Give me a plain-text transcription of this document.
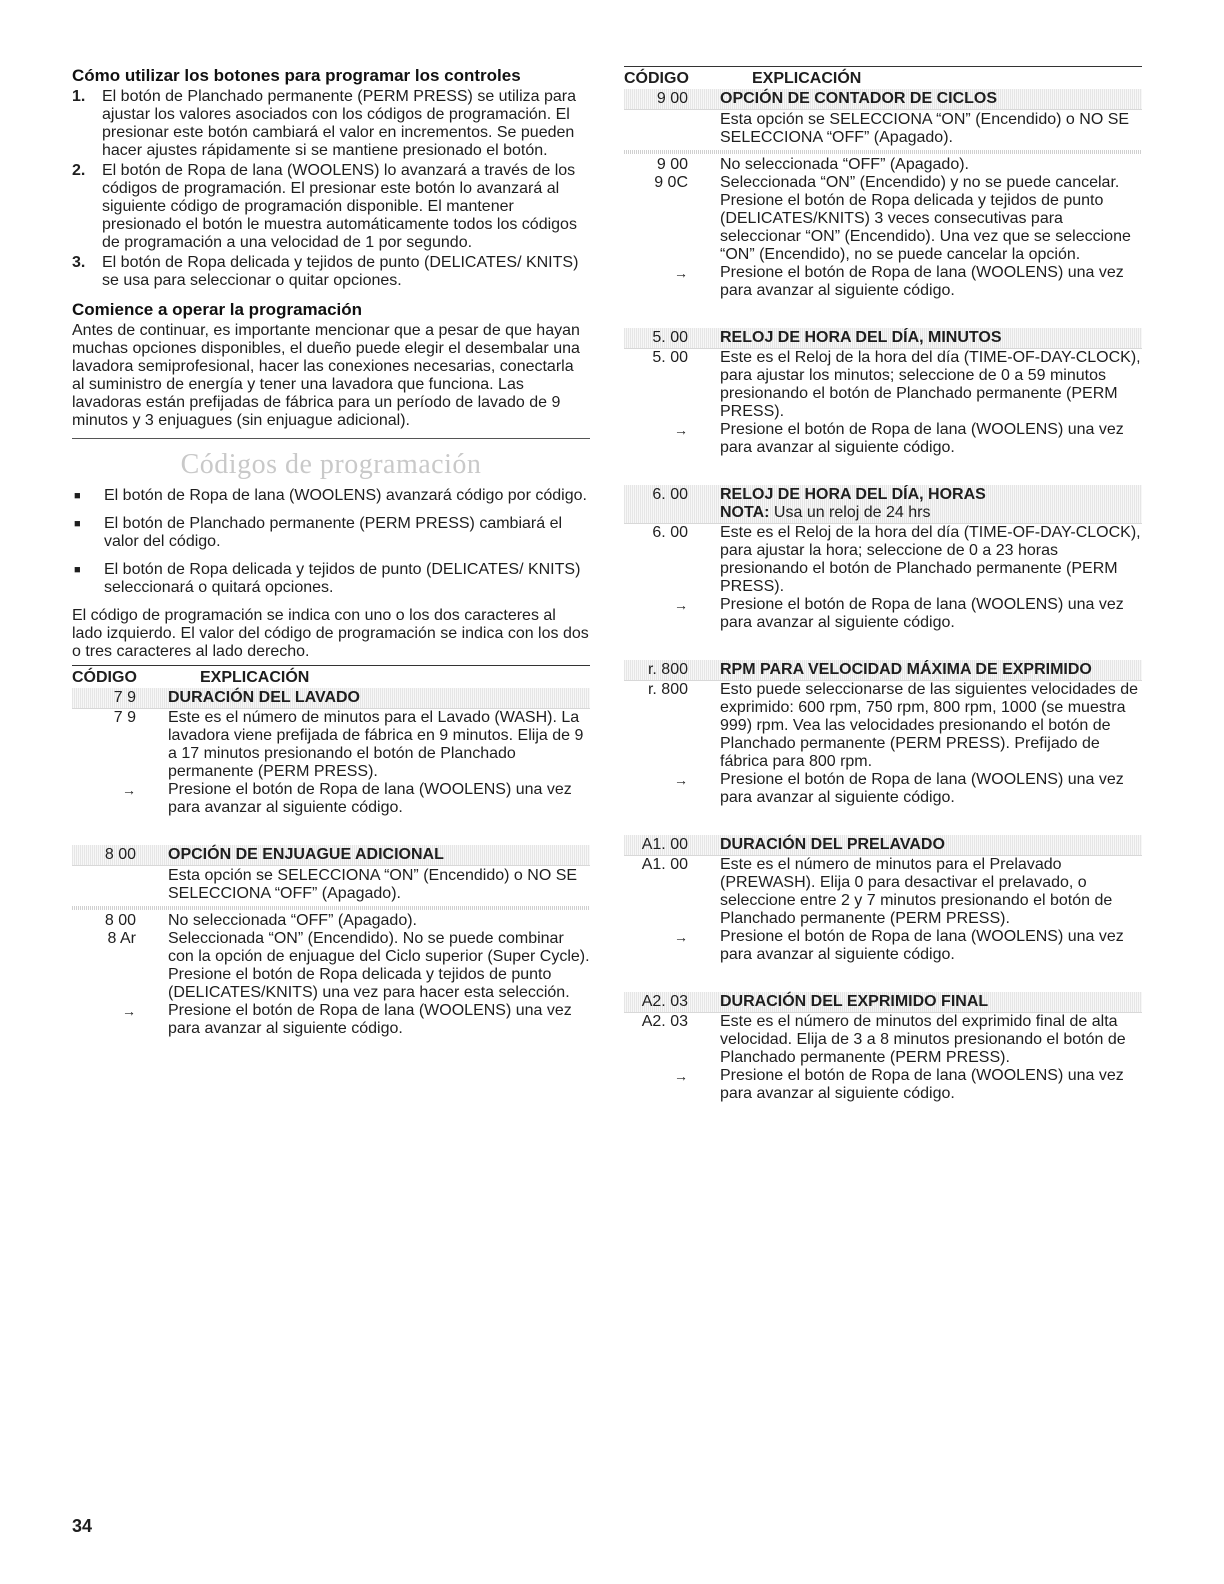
Cómo utilizar los botones para programar los controles
1.	El botón de Planchado permanente (PERM PRESS) se utiliza para ajustar los valores asociados con los códigos de programación. El presionar este botón cambiará el valor en incrementos. Se pueden hacer ajustes rápidamente si se mantiene presionado el botón.
2.	El botón de Ropa de lana (WOOLENS) lo avanzará a través de los códigos de programación. El presionar este botón lo avanzará al siguiente código de programación disponible. El mantener presionado el botón le muestra automáticamente todos los códigos de programación a una velocidad de 1 por segundo.
3.	El botón de Ropa delicada y tejidos de punto (DELICATES/ KNITS) se usa para seleccionar o quitar opciones.
Comience a operar la programación

Antes de continuar, es importante mencionar que a pesar de que hayan muchas opciones disponibles, el dueño puede elegir el desembalar una lavadora semiprofesional, hacer las conexiones necesarias, conectarla al suministro de energía y tener una lavadora que funciona. Las lavadoras están prefijadas de fábrica para un período de lavado de 9 minutos y 3 enjuagues (sin enjuague adicional).

Códigos de programación
■	El botón de Ropa de lana (WOOLENS) avanzará código por código.
■	El botón de Planchado permanente (PERM PRESS) cambiará el valor del código.
■	El botón de Ropa delicada y tejidos de punto (DELICATES/ KNITS) seleccionará o quitará opciones.

El código de programación se indica con uno o los dos caracteres al lado izquierdo. El valor del código de programación se indica con los dos o tres caracteres al lado derecho.

CÓDIGO	EXPLICACIÓN
7 9	DURACIÓN DEL LAVADO
7 9	Este es el número de minutos para el Lavado (WASH). La lavadora viene prefijada de fábrica en 9 minutos. Elija de 9 a 17 minutos presionando el botón de Planchado permanente (PERM PRESS).
→	Presione el botón de Ropa de lana (WOOLENS) una vez para avanzar al siguiente código.
8 00	OPCIÓN DE ENJUAGUE ADICIONAL
Esta opción se SELECCIONA “ON” (Encendido) o NO SE SELECCIONA “OFF” (Apagado).
8 00	No seleccionada “OFF” (Apagado).
8 Ar	Seleccionada “ON” (Encendido). No se puede combinar con la opción de enjuague del Ciclo superior (Super Cycle).
Presione el botón de Ropa delicada y tejidos de punto (DELICATES/KNITS) una vez para hacer esta selección.
→	Presione el botón de Ropa de lana (WOOLENS) una vez para avanzar al siguiente código.
CÓDIGO	EXPLICACIÓN
9 00	OPCIÓN DE CONTADOR DE CICLOS
Esta opción se SELECCIONA “ON” (Encendido) o NO SE SELECCIONA “OFF” (Apagado).
9 00	No seleccionada “OFF” (Apagado).
9 0C	Seleccionada “ON” (Encendido) y no se puede cancelar.
Presione el botón de Ropa delicada y tejidos de punto (DELICATES/KNITS) 3 veces consecutivas para seleccionar “ON” (Encendido). Una vez que se seleccione “ON” (Encendido), no se puede cancelar la opción.
→	Presione el botón de Ropa de lana (WOOLENS) una vez para avanzar al siguiente código.
5. 00	RELOJ DE HORA DEL DÍA, MINUTOS
5. 00	Este es el Reloj de la hora del día (TIME-OF-DAY-CLOCK), para ajustar los minutos; seleccione de 0 a 59 minutos presionando el botón de Planchado permanente (PERM PRESS).
→	Presione el botón de Ropa de lana (WOOLENS) una vez para avanzar al siguiente código.
6. 00	RELOJ DE HORA DEL DÍA, HORAS
NOTA: Usa un reloj de 24 hrs
6. 00	Este es el Reloj de la hora del día (TIME-OF-DAY-CLOCK), para ajustar la hora; seleccione de 0 a 23 horas presionando el botón de Planchado permanente (PERM PRESS).
→	Presione el botón de Ropa de lana (WOOLENS) una vez para avanzar al siguiente código.
r. 800	RPM PARA VELOCIDAD MÁXIMA DE EXPRIMIDO
r. 800	Esto puede seleccionarse de las siguientes velocidades de exprimido: 600 rpm, 750 rpm, 800 rpm, 1000 (se muestra 999) rpm. Vea las velocidades presionando el botón de Planchado permanente (PERM PRESS). Prefijado de fábrica para 800 rpm.
→	Presione el botón de Ropa de lana (WOOLENS) una vez para avanzar al siguiente código.
A1. 00	DURACIÓN DEL PRELAVADO
A1. 00	Este es el número de minutos para el Prelavado (PREWASH). Elija 0 para desactivar el prelavado, o seleccione entre 2 y 7 minutos presionando el botón de Planchado permanente (PERM PRESS).
→	Presione el botón de Ropa de lana (WOOLENS) una vez para avanzar al siguiente código.
A2. 03	DURACIÓN DEL EXPRIMIDO FINAL
A2. 03	Este es el número de minutos del exprimido final de alta velocidad. Elija de 3 a 8 minutos presionando el botón de Planchado permanente (PERM PRESS).
→	Presione el botón de Ropa de lana (WOOLENS) una vez para avanzar al siguiente código.
34
